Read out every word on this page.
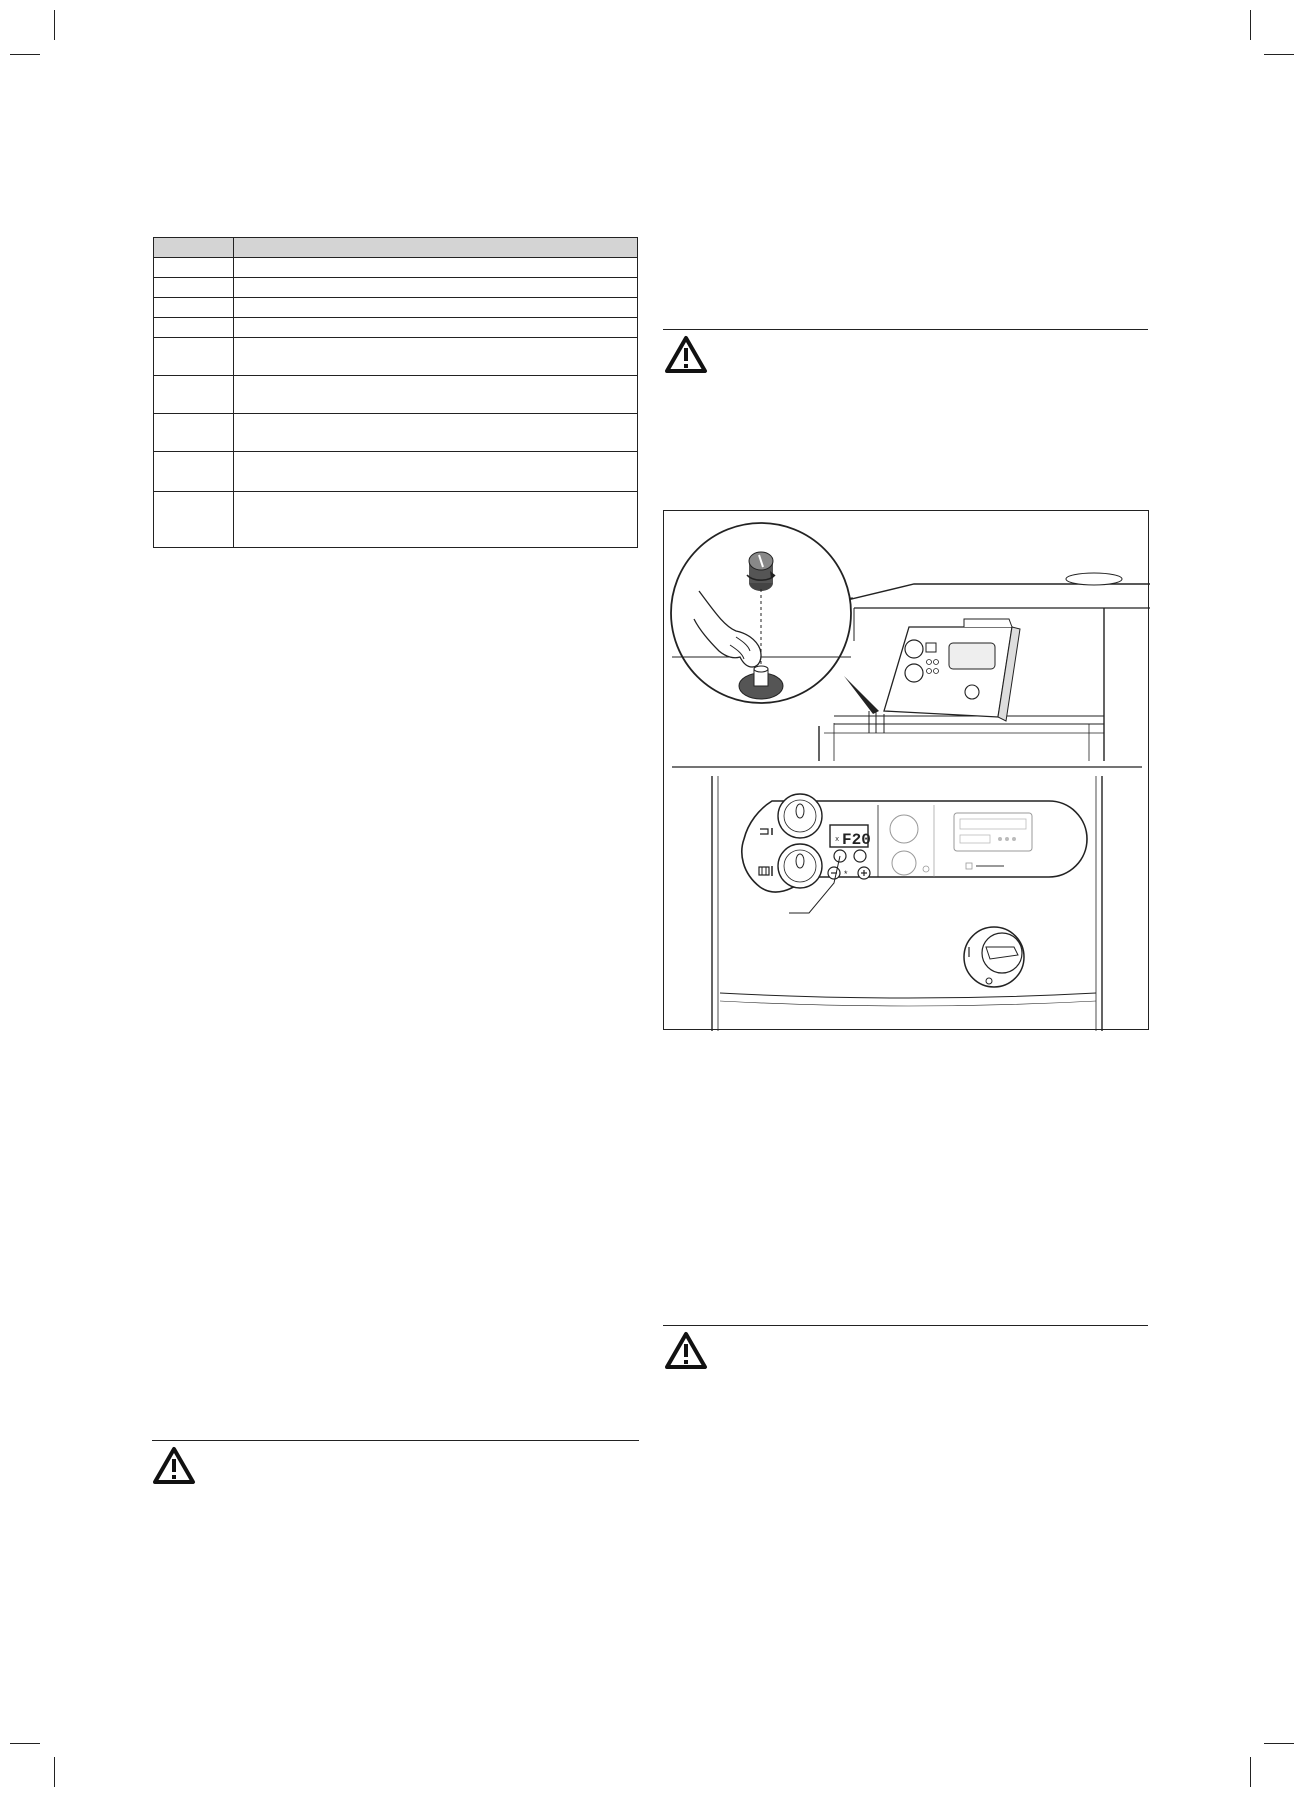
x F20
*
